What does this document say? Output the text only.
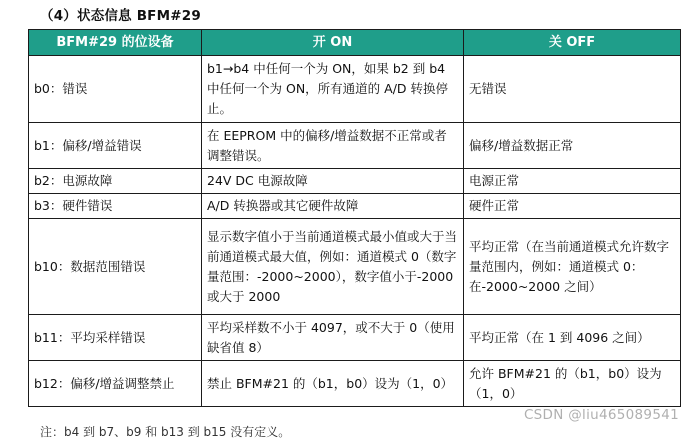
（4）状态信息 BFM#29
BFM#29 的位设备	开 ON	关 OFF
b0：错误	b1→b4 中任何一个为 ON，如果 b2 到 b4 中任何一个为 ON，所有通道的 A/D 转换停止。	无错误
b1：偏移/增益错误	在 EEPROM 中的偏移/增益数据不正常或者调整错误。	偏移/增益数据正常
b2：电源故障	24V DC 电源故障	电源正常
b3：硬件错误	A/D 转换器或其它硬件故障	硬件正常
b10：数据范围错误	显示数字值小于当前通道模式最小值或大于当前通道模式最大值，例如：通道模式 0（数字量范围：-2000~2000），数字值小于-2000 或大于 2000	平均正常（在当前通道模式允许数字量范围内，例如：通道模式 0：在-2000~2000 之间）
b11：平均采样错误	平均采样数不小于 4097，或不大于 0（使用缺省值 8）	平均正常（在 1 到 4096 之间）
b12：偏移/增益调整禁止	禁止 BFM#21 的（b1，b0）设为（1，0）	允许 BFM#21 的（b1，b0）设为（1，0）
注：b4 到 b7、b9 和 b13 到 b15 没有定义。
CSDN @liu465089541
